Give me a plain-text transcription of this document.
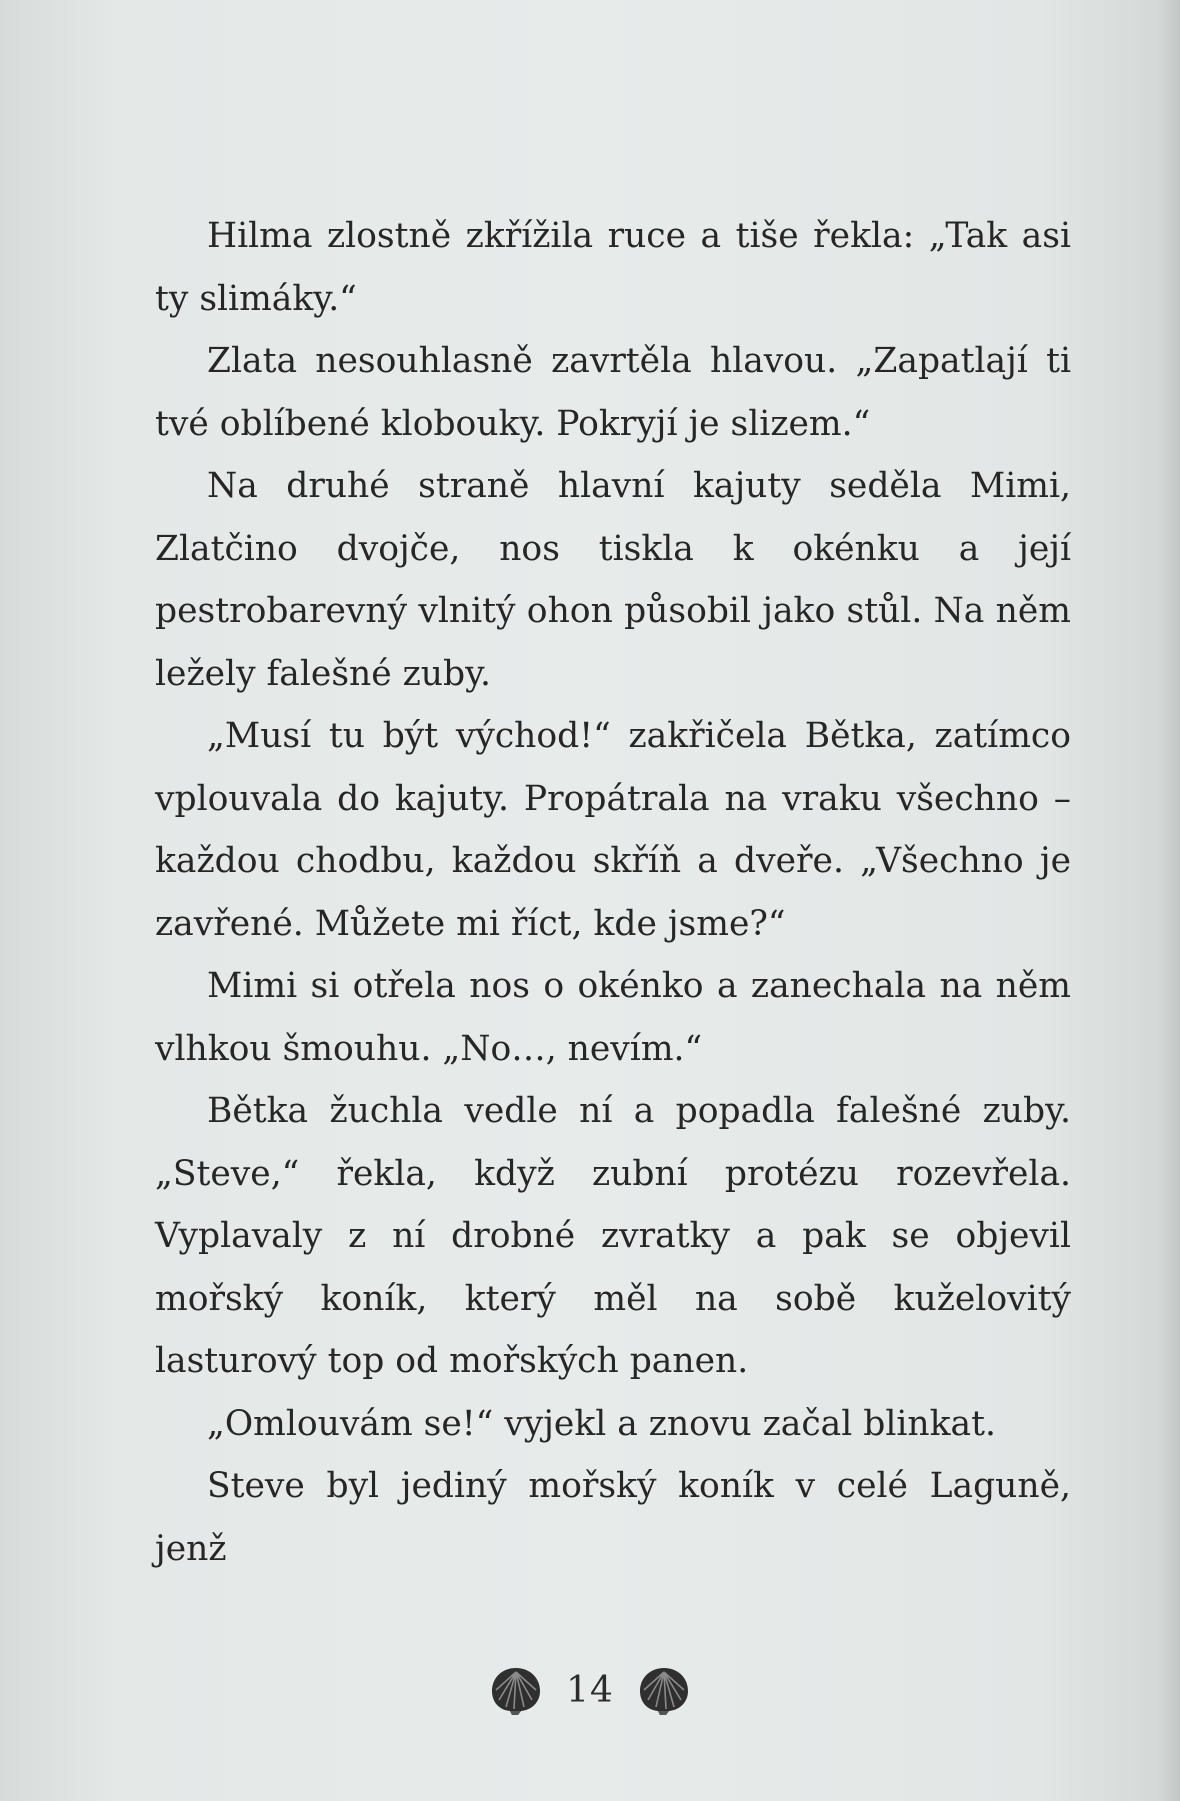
Hilma zlostně zkřížila ruce a tiše řekla: „Tak asi ty slimáky.“

Zlata nesouhlasně zavrtěla hlavou. „Zapatlají ti tvé oblíbené klobouky. Pokryjí je slizem.“

Na druhé straně hlavní kajuty seděla Mimi, Zlatčino dvojče, nos tiskla k okénku a její pestrobarevný vlnitý ohon působil jako stůl. Na něm ležely falešné zuby.

„Musí tu být východ!“ zakřičela Bětka, zatímco vplouvala do kajuty. Propátrala na vraku všechno – každou chodbu, každou skříň a dveře. „Všechno je zavřené. Můžete mi říct, kde jsme?“

Mimi si otřela nos o okénko a zanechala na něm vlhkou šmouhu. „No…, nevím.“

Bětka žuchla vedle ní a popadla falešné zuby. „Steve,“ řekla, když zubní protézu rozevřela. Vyplavaly z ní drobné zvratky a pak se objevil mořský koník, který měl na sobě kuželovitý lasturový top od mořských panen.

„Omlouvám se!“ vyjekl a znovu začal blinkat.

Steve byl jediný mořský koník v celé Laguně, jenž

14
